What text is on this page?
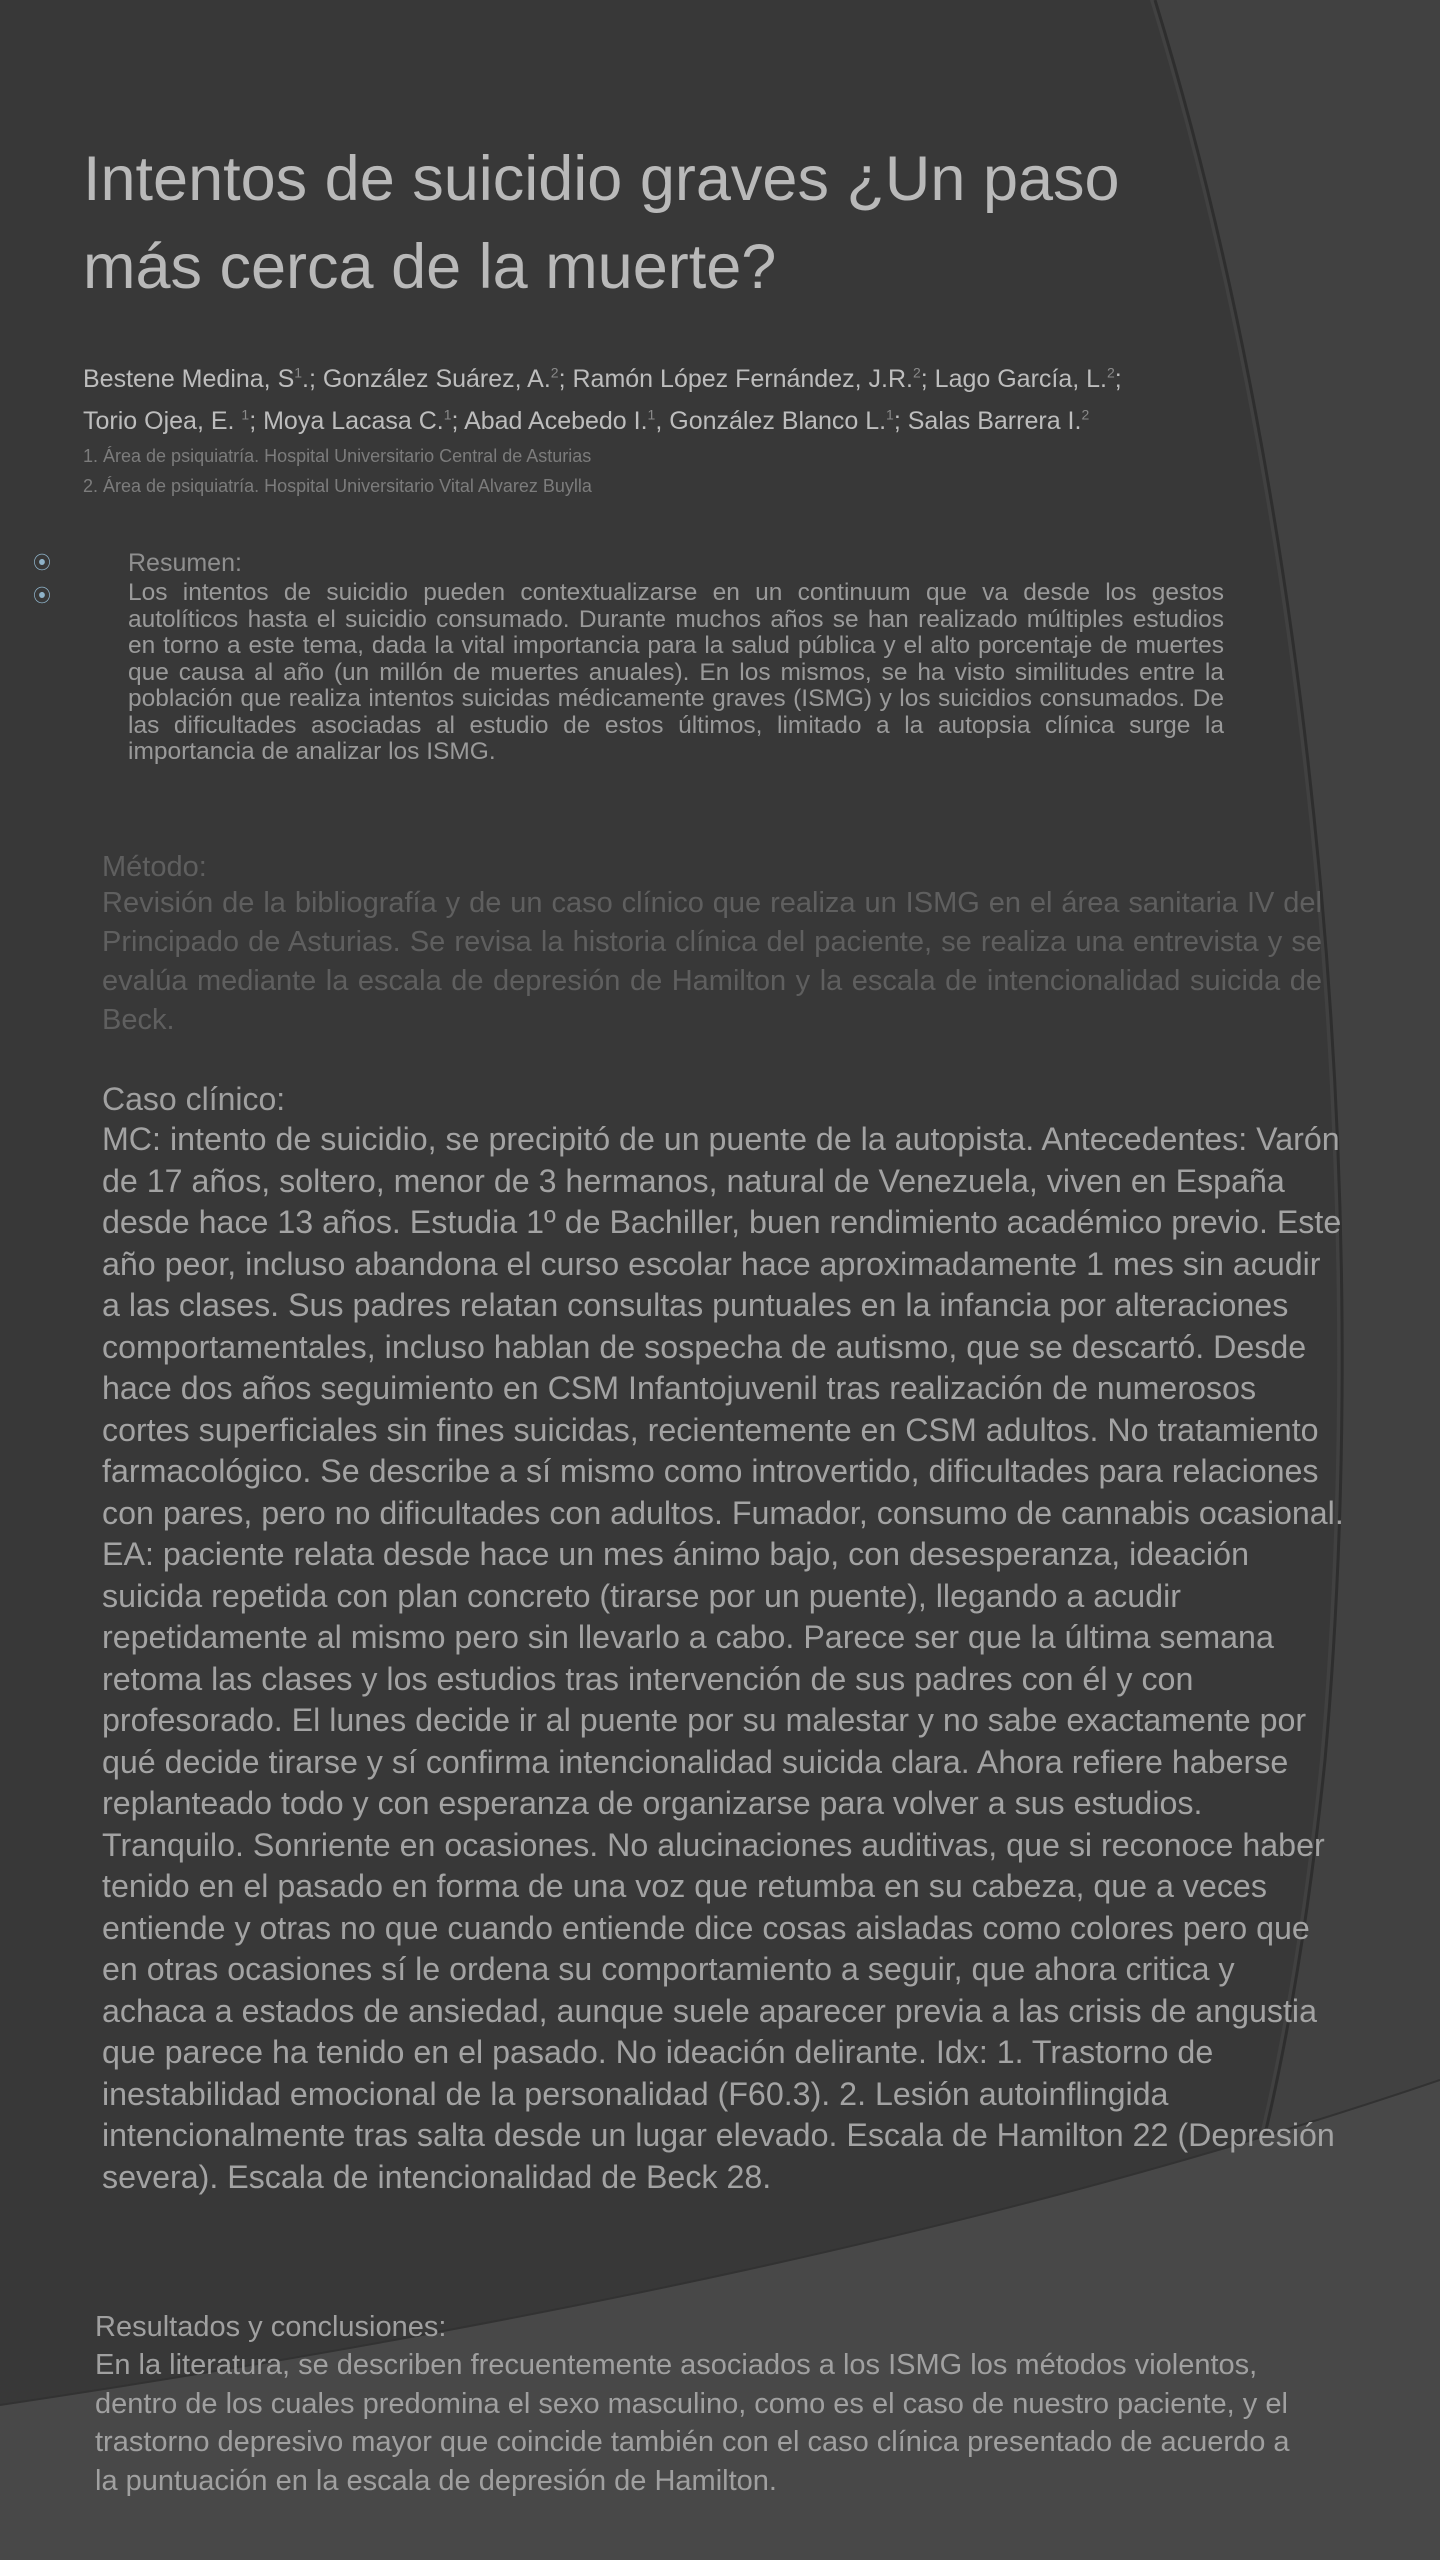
Intentos de suicidio graves ¿Un paso más cerca de la muerte?
Bestene Medina, $S^1$.; González Suárez, A.$^2$; Ramón López Fernández, J.R.$^2$; Lago García, L.$^2$;
Torio Ojea, E. $^1$; Moya Lacasa C.$^1$; Abad Acebedo I.$^1$, González Blanco L.$^1$; Salas Barrera I.$^2$
1. Área de psiquiatría. Hospital Universitario Central de Asturias
2. Área de psiquiatría. Hospital Universitario Vital Alvarez Buylla
⦿
⦿
Resumen:
Los intentos de suicidio pueden contextualizarse en un continuum que va desde los gestos autolíticos hasta el suicidio consumado. Durante muchos años se han realizado múltiples estudios en torno a este tema, dada la vital importancia para la salud pública y el alto porcentaje de muertes que causa al año (un millón de muertes anuales). En los mismos, se ha visto similitudes entre la población que realiza intentos suicidas médicamente graves (ISMG) y los suicidios consumados. De las dificultades asociadas al estudio de estos últimos, limitado a la autopsia clínica surge la importancia de analizar los ISMG.
Método:
Revisión de la bibliografía y de un caso clínico que realiza un ISMG en el área sanitaria IV del Principado de Asturias. Se revisa la historia clínica del paciente, se realiza una entrevista y se evalúa mediante la escala de depresión de Hamilton y la escala de intencionalidad suicida de Beck.
Caso clínico:
MC: intento de suicidio, se precipitó de un puente de la autopista. Antecedentes: Varón de 17 años, soltero, menor de 3 hermanos, natural de Venezuela, viven en España desde hace 13 años. Estudia 1º de Bachiller, buen rendimiento académico previo. Este año peor, incluso abandona el curso escolar hace aproximadamente 1 mes sin acudir a las clases. Sus padres relatan consultas puntuales en la infancia por alteraciones comportamentales, incluso hablan de sospecha de autismo, que se descartó. Desde hace dos años seguimiento en CSM Infantojuvenil tras realización de numerosos cortes superficiales sin fines suicidas, recientemente en CSM adultos. No tratamiento farmacológico. Se describe a sí mismo como introvertido, dificultades para relaciones con pares, pero no dificultades con adultos. Fumador, consumo de cannabis ocasional. EA: paciente relata desde hace un mes ánimo bajo, con desesperanza, ideación suicida repetida con plan concreto (tirarse por un puente), llegando a acudir repetidamente al mismo pero sin llevarlo a cabo. Parece ser que la última semana retoma las clases y los estudios tras intervención de sus padres con él y con profesorado. El lunes decide ir al puente por su malestar y no sabe exactamente por qué decide tirarse y sí confirma intencionalidad suicida clara. Ahora refiere haberse replanteado todo y con esperanza de organizarse para volver a sus estudios. Tranquilo. Sonriente en ocasiones. No alucinaciones auditivas, que si reconoce haber tenido en el pasado en forma de una voz que retumba en su cabeza, que a veces entiende y otras no que cuando entiende dice cosas aisladas como colores pero que en otras ocasiones sí le ordena su comportamiento a seguir, que ahora critica y achaca a estados de ansiedad, aunque suele aparecer previa a las crisis de angustia que parece ha tenido en el pasado. No ideación delirante. Idx: 1. Trastorno de inestabilidad emocional de la personalidad (F60.3). 2. Lesión autoinflingida intencionalmente tras salta desde un lugar elevado. Escala de Hamilton 22 (Depresión severa). Escala de intencionalidad de Beck 28.
Resultados y conclusiones:
En la literatura, se describen frecuentemente asociados a los ISMG los métodos violentos, dentro de los cuales predomina el sexo masculino, como es el caso de nuestro paciente, y el trastorno depresivo mayor que coincide también con el caso clínica presentado de acuerdo a la puntuación en la escala de depresión de Hamilton.
